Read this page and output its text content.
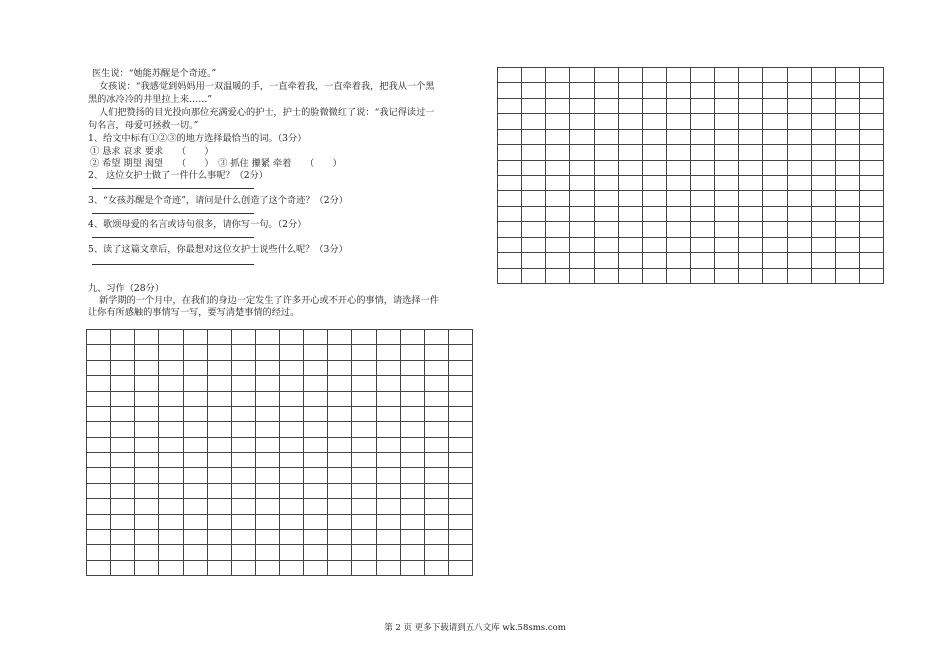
医生说：“她能苏醒是个奇迹。”
女孩说：“我感觉到妈妈用一双温暖的手，一直牵着我，一直牵着我，把我从一个黑
黑的冰冷冷的井里拉上来……”
人们把赞扬的目光投向那位充满爱心的护士，护士的脸微微红了说：“我记得读过一
句名言，母爱可拯救一切。”
1、给文中标有①②③的地方选择最恰当的词。（3分）
① 恳求 哀求 要求　　（　　）
② 希望 期望 渴望　　（　　）　③ 抓住 攥紧 牵着　　（　　）
2、 这位女护士做了一件什么事呢？（2分）
3、“女孩苏醒是个奇迹”，请问是什么创造了这个奇迹？（2分）
4、歌颂母爱的名言或诗句很多，请你写一句。（2分）
5、读了这篇文章后，你最想对这位女护士说些什么呢？（3分）
九、习作（28分）
新学期的一个月中，在我们的身边一定发生了许多开心或不开心的事情，请选择一件
让你有所感触的事情写一写，要写清楚事情的经过。
第 2 页 更多下载请到五八文库 wk.58sms.com
